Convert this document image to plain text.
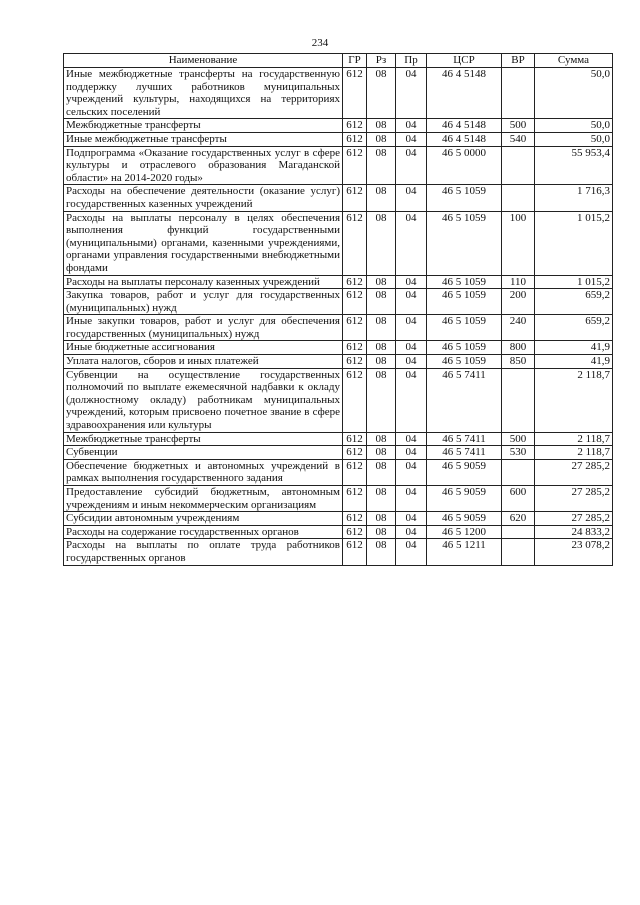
234
Наименование	ГР	Рз	Пр	ЦСР	ВР	Сумма
Иные межбюджетные трансферты на государственную поддержку лучших работников муниципальных учреждений культуры, находящихся на территориях сельских поселений	612	08	04	46 4 5148		50,0
Межбюджетные трансферты	612	08	04	46 4 5148	500	50,0
Иные межбюджетные трансферты	612	08	04	46 4 5148	540	50,0
Подпрограмма «Оказание государственных услуг в сфере культуры и отраслевого образования Магаданской области» на 2014-2020 годы»	612	08	04	46 5 0000		55 953,4
Расходы на обеспечение деятельности (оказание услуг) государственных казенных учреждений	612	08	04	46 5 1059		1 716,3
Расходы на выплаты персоналу в целях обеспечения выполнения функций государственными (муниципальными) органами, казенными учреждениями, органами управления государственными внебюджетными фондами	612	08	04	46 5 1059	100	1 015,2
Расходы на выплаты персоналу казенных учреждений	612	08	04	46 5 1059	110	1 015,2
Закупка товаров, работ и услуг для государственных (муниципальных) нужд	612	08	04	46 5 1059	200	659,2
Иные закупки товаров, работ и услуг для обеспечения государственных (муниципальных) нужд	612	08	04	46 5 1059	240	659,2
Иные бюджетные ассигнования	612	08	04	46 5 1059	800	41,9
Уплата налогов, сборов и иных платежей	612	08	04	46 5 1059	850	41,9
Субвенции на осуществление государственных полномочий по выплате ежемесячной надбавки к окладу (должностному окладу) работникам муниципальных учреждений, которым присвоено почетное звание в сфере здравоохранения или культуры	612	08	04	46 5 7411		2 118,7
Межбюджетные трансферты	612	08	04	46 5 7411	500	2 118,7
Субвенции	612	08	04	46 5 7411	530	2 118,7
Обеспечение бюджетных и автономных учреждений в рамках выполнения государственного задания	612	08	04	46 5 9059		27 285,2
Предоставление субсидий бюджетным, автономным учреждениям и иным некоммерческим организациям	612	08	04	46 5 9059	600	27 285,2
Субсидии автономным учреждениям	612	08	04	46 5 9059	620	27 285,2
Расходы на содержание государственных органов	612	08	04	46 5 1200		24 833,2
Расходы на выплаты по оплате труда работников государственных органов	612	08	04	46 5 1211		23 078,2
